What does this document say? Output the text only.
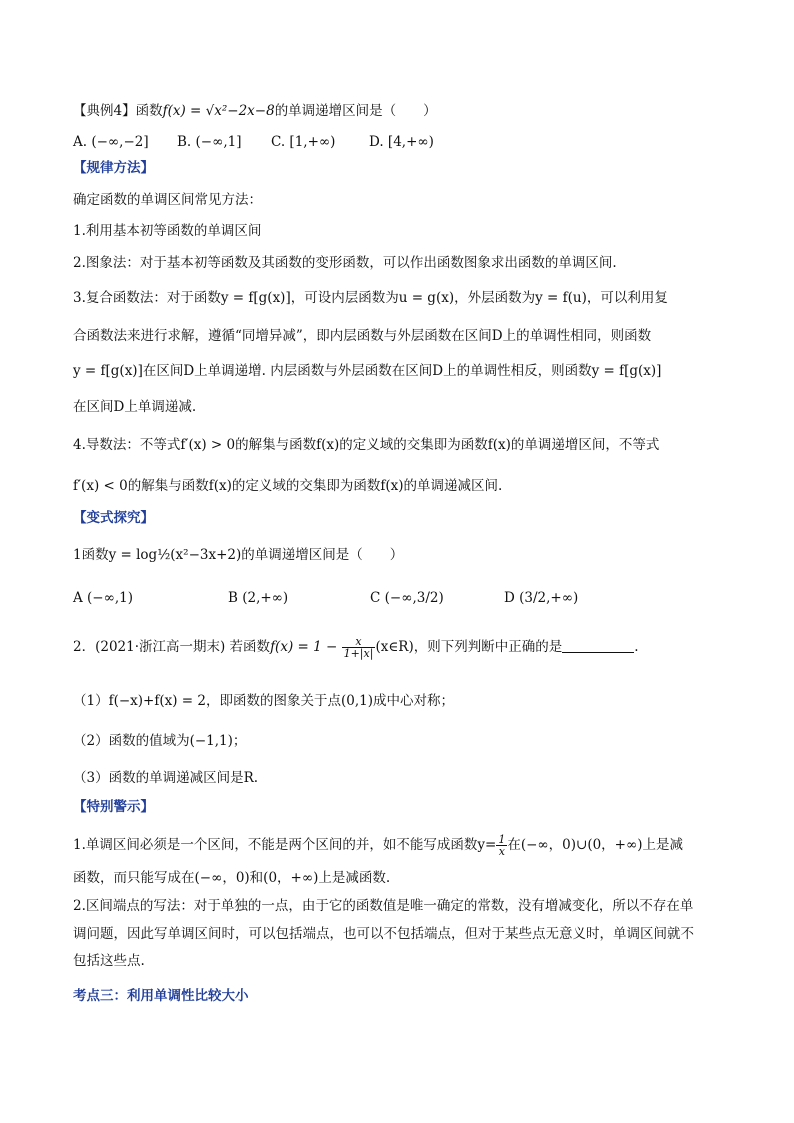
【典例4】函数f(x) = √x²−2x−8的单调递增区间是（　　）
A. (−∞,−2] B. (−∞,1] C. [1,+∞) D. [4,+∞)
【规律方法】
确定函数的单调区间常见方法：
1.利用基本初等函数的单调区间
2.图象法：对于基本初等函数及其函数的变形函数，可以作出函数图象求出函数的单调区间.
3.复合函数法：对于函数y = f[g(x)]，可设内层函数为u = g(x)，外层函数为y = f(u)，可以利用复
合函数法来进行求解，遵循“同增异减”，即内层函数与外层函数在区间D上的单调性相同，则函数
y = f[g(x)]在区间D上单调递增. 内层函数与外层函数在区间D上的单调性相反，则函数y = f[g(x)]
在区间D上单调递减.
4.导数法：不等式f′(x) > 0的解集与函数f(x)的定义域的交集即为函数f(x)的单调递增区间，不等式
f′(x) < 0的解集与函数f(x)的定义域的交集即为函数f(x)的单调递减区间.
【变式探究】
1函数y = log½(x²−3x+2)的单调递增区间是（　　）
A (−∞,1)	B (2,+∞)	C (−∞,3/2)	D (3/2,+∞)
2．(2021·浙江高一期末) 若函数$f(x) = 1 - \frac{x}{1+|x|}$ (x∈R)，则下列判断中正确的是	.
（1）f(−x)+f(x) = 2，即函数的图象关于点(0,1)成中心对称；
（2）函数的值域为(−1,1)；
（3）函数的单调递减区间是R.
【特别警示】
1.单调区间必须是一个区间，不能是两个区间的并，如不能写成函数$y= \frac{1}{x}$ 在(−∞，0)∪(0，+∞)上是减
函数，而只能写成在(−∞，0)和(0，+∞)上是减函数.
2.区间端点的写法：对于单独的一点，由于它的函数值是唯一确定的常数，没有增减变化，所以不存在单
调问题，因此写单调区间时，可以包括端点，也可以不包括端点，但对于某些点无意义时，单调区间就不
包括这些点.
考点三：利用单调性比较大小
